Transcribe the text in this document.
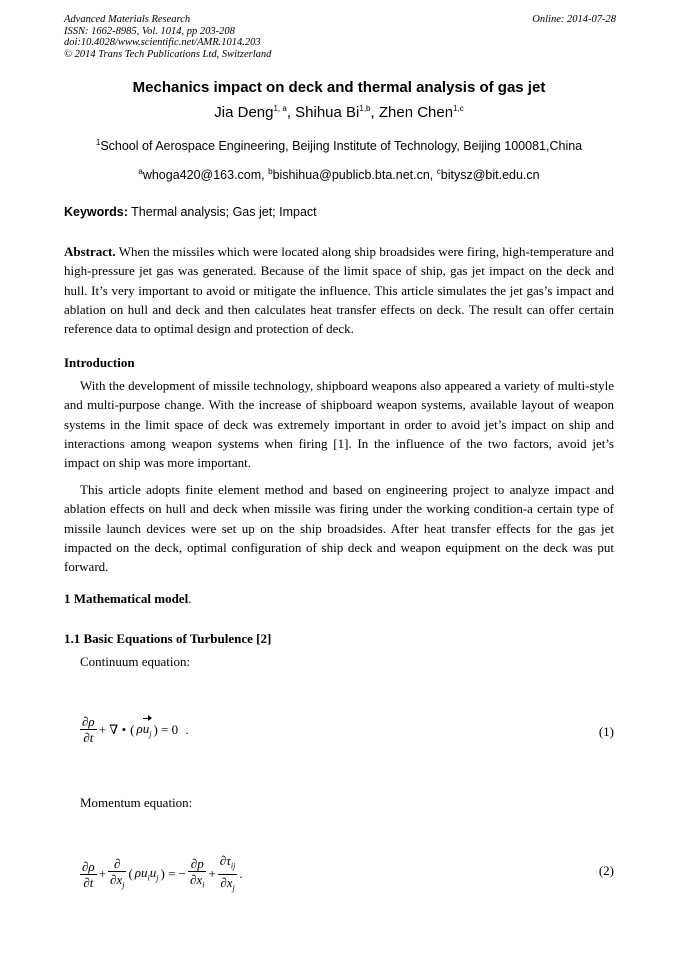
Advanced Materials Research
ISSN: 1662-8985, Vol. 1014, pp 203-208
doi:10.4028/www.scientific.net/AMR.1014.203
© 2014 Trans Tech Publications Ltd, Switzerland
Online: 2014-07-28
Mechanics impact on deck and thermal analysis of gas jet
Jia Deng$^{1, a}$, Shihua Bi$^{1,b}$, Zhen Chen$^{1,c}$
$^1$School of Aerospace Engineering, Beijing Institute of Technology, Beijing 100081,China
$^a$whoga420@163.com, $^b$bishihua@publicb.bta.net.cn, $^c$bitysz@bit.edu.cn
Keywords: Thermal analysis; Gas jet; Impact
Abstract. When the missiles which were located along ship broadsides were firing, high-temperature and high-pressure jet gas was generated. Because of the limit space of ship, gas jet impact on the deck and hull. It’s very important to avoid or mitigate the influence. This article simulates the jet gas’s impact and ablation on hull and deck and then calculates heat transfer effects on deck. The result can offer certain reference data to optimal design and protection of deck.
Introduction
With the development of missile technology, shipboard weapons also appeared a variety of multi-style and multi-purpose change. With the increase of shipboard weapon systems, available layout of weapon systems in the limit space of deck was extremely important in order to avoid jet’s impact on ship and interactions among weapon systems when firing [1]. In the influence of the two factors, avoid jet’s impact on ship was more important.
This article adopts finite element method and based on engineering project to analyze impact and ablation effects on hull and deck when missile was firing under the working condition-a certain type of missile launch devices were set up on the ship broadsides. After heat transfer effects for the gas jet impacted on the deck, optimal configuration of ship deck and weapon equipment on the deck was put forward.
1 Mathematical model.
1.1 Basic Equations of Turbulence [2]
Continuum equation:
$\frac{\partial\rho}{\partial t}$ + ∇ • ( $\rho u_j$ ) = 0 .	(1)
Momentum equation:
$\frac{\partial\rho}{\partial t} + \frac{\partial}{\partial x_j}$ ( $\rho u_iu_j$ ) = − $\frac{\partial p}{\partial x_i} + \frac{\partial\tau_{ij}}{\partial x_j}$ .	(2)
